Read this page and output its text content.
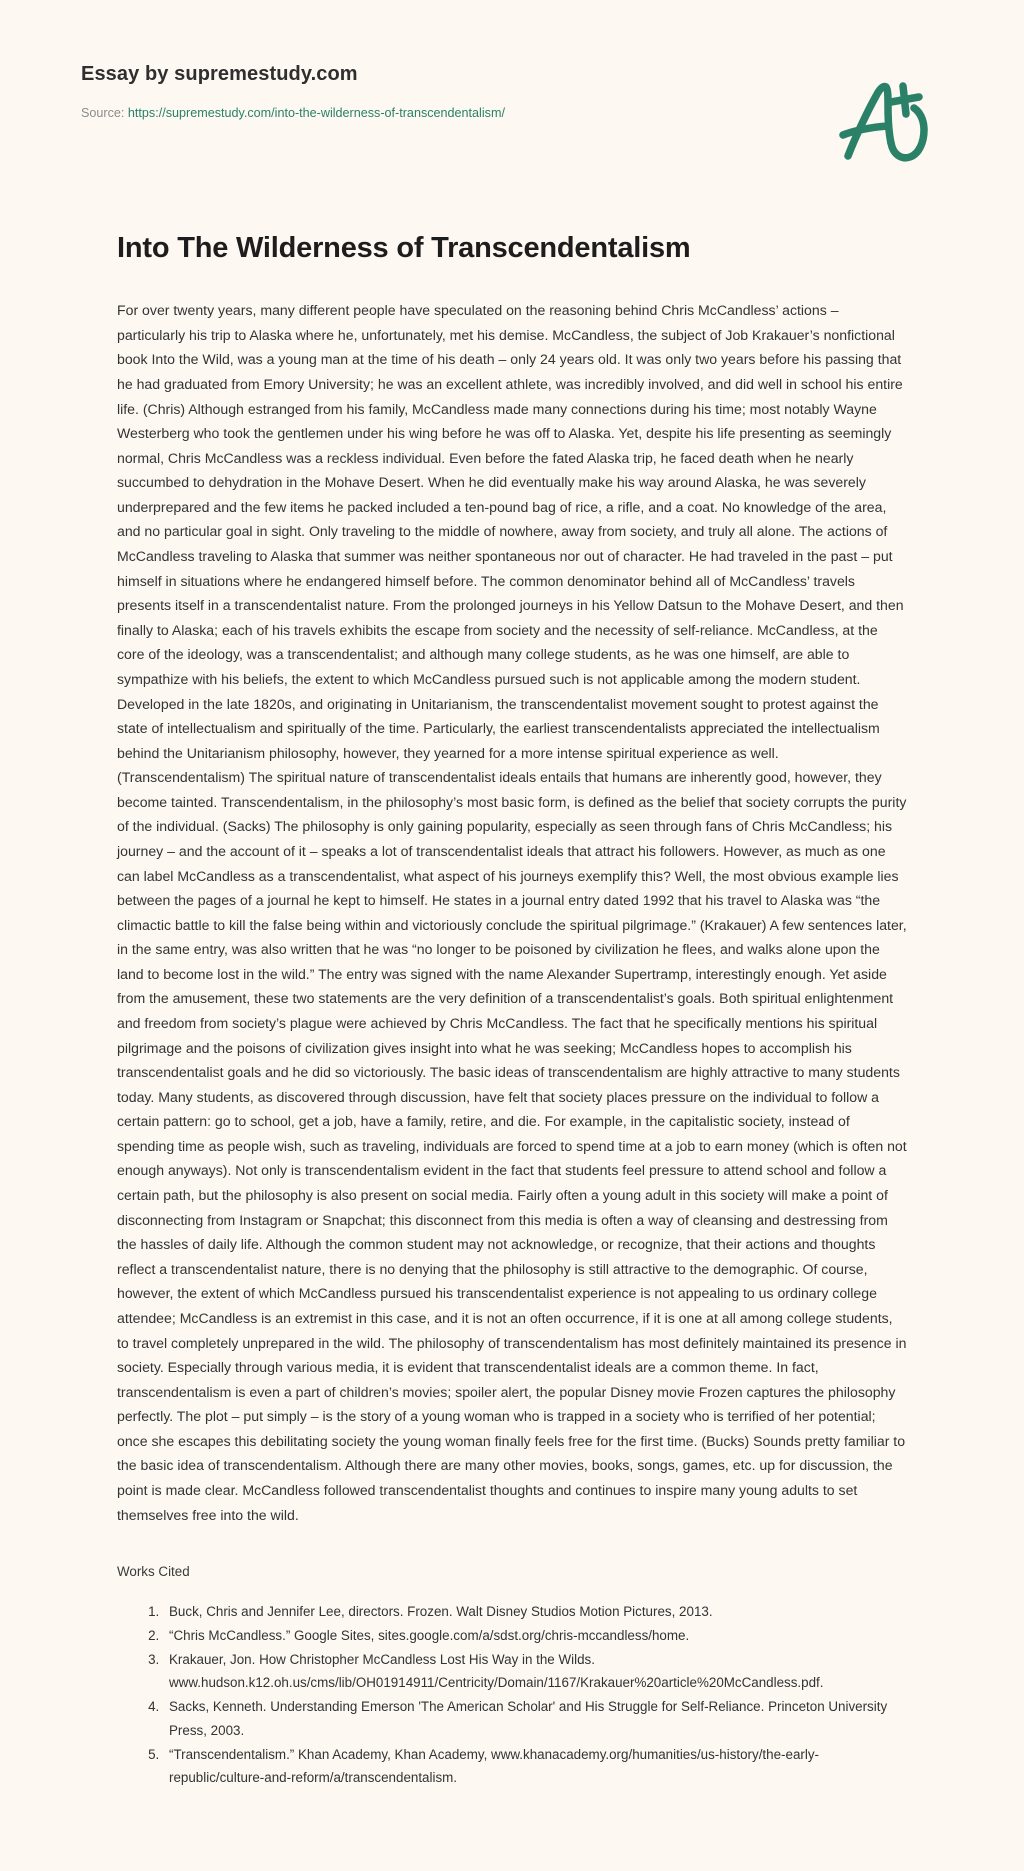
Essay by supremestudy.com
Source: https://supremestudy.com/into-the-wilderness-of-transcendentalism/
Into The Wilderness of Transcendentalism

For over twenty years, many different people have speculated on the reasoning behind Chris McCandless’ actions – particularly his trip to Alaska where he, unfortunately, met his demise. McCandless, the subject of Job Krakauer’s nonfictional book Into the Wild, was a young man at the time of his death – only 24 years old. It was only two years before his passing that he had graduated from Emory University; he was an excellent athlete, was incredibly involved, and did well in school his entire life. (Chris) Although estranged from his family, McCandless made many connections during his time; most notably Wayne Westerberg who took the gentlemen under his wing before he was off to Alaska. Yet, despite his life presenting as seemingly normal, Chris McCandless was a reckless individual. Even before the fated Alaska trip, he faced death when he nearly succumbed to dehydration in the Mohave Desert. When he did eventually make his way around Alaska, he was severely underprepared and the few items he packed included a ten-pound bag of rice, a rifle, and a coat. No knowledge of the area, and no particular goal in sight. Only traveling to the middle of nowhere, away from society, and truly all alone. The actions of McCandless traveling to Alaska that summer was neither spontaneous nor out of character. He had traveled in the past – put himself in situations where he endangered himself before. The common denominator behind all of McCandless’ travels presents itself in a transcendentalist nature. From the prolonged journeys in his Yellow Datsun to the Mohave Desert, and then finally to Alaska; each of his travels exhibits the escape from society and the necessity of self-reliance. McCandless, at the core of the ideology, was a transcendentalist; and although many college students, as he was one himself, are able to sympathize with his beliefs, the extent to which McCandless pursued such is not applicable among the modern student. Developed in the late 1820s, and originating in Unitarianism, the transcendentalist movement sought to protest against the state of intellectualism and spiritually of the time. Particularly, the earliest transcendentalists appreciated the intellectualism behind the Unitarianism philosophy, however, they yearned for a more intense spiritual experience as well. (Transcendentalism) The spiritual nature of transcendentalist ideals entails that humans are inherently good, however, they become tainted. Transcendentalism, in the philosophy’s most basic form, is defined as the belief that society corrupts the purity of the individual. (Sacks) The philosophy is only gaining popularity, especially as seen through fans of Chris McCandless; his journey – and the account of it – speaks a lot of transcendentalist ideals that attract his followers. However, as much as one can label McCandless as a transcendentalist, what aspect of his journeys exemplify this? Well, the most obvious example lies between the pages of a journal he kept to himself. He states in a journal entry dated 1992 that his travel to Alaska was “the climactic battle to kill the false being within and victoriously conclude the spiritual pilgrimage.” (Krakauer) A few sentences later, in the same entry, was also written that he was “no longer to be poisoned by civilization he flees, and walks alone upon the land to become lost in the wild.” The entry was signed with the name Alexander Supertramp, interestingly enough. Yet aside from the amusement, these two statements are the very definition of a transcendentalist’s goals. Both spiritual enlightenment and freedom from society’s plague were achieved by Chris McCandless. The fact that he specifically mentions his spiritual pilgrimage and the poisons of civilization gives insight into what he was seeking; McCandless hopes to accomplish his transcendentalist goals and he did so victoriously. The basic ideas of transcendentalism are highly attractive to many students today. Many students, as discovered through discussion, have felt that society places pressure on the individual to follow a certain pattern: go to school, get a job, have a family, retire, and die. For example, in the capitalistic society, instead of spending time as people wish, such as traveling, individuals are forced to spend time at a job to earn money (which is often not enough anyways). Not only is transcendentalism evident in the fact that students feel pressure to attend school and follow a certain path, but the philosophy is also present on social media. Fairly often a young adult in this society will make a point of disconnecting from Instagram or Snapchat; this disconnect from this media is often a way of cleansing and destressing from the hassles of daily life. Although the common student may not acknowledge, or recognize, that their actions and thoughts reflect a transcendentalist nature, there is no denying that the philosophy is still attractive to the demographic. Of course, however, the extent of which McCandless pursued his transcendentalist experience is not appealing to us ordinary college attendee; McCandless is an extremist in this case, and it is not an often occurrence, if it is one at all among college students, to travel completely unprepared in the wild. The philosophy of transcendentalism has most definitely maintained its presence in society. Especially through various media, it is evident that transcendentalist ideals are a common theme. In fact, transcendentalism is even a part of children’s movies; spoiler alert, the popular Disney movie Frozen captures the philosophy perfectly. The plot – put simply – is the story of a young woman who is trapped in a society who is terrified of her potential; once she escapes this debilitating society the young woman finally feels free for the first time. (Bucks) Sounds pretty familiar to the basic idea of transcendentalism. Although there are many other movies, books, songs, games, etc. up for discussion, the point is made clear. McCandless followed transcendentalist thoughts and continues to inspire many young adults to set themselves free into the wild.

Works Cited
1. Buck, Chris and Jennifer Lee, directors. Frozen. Walt Disney Studios Motion Pictures, 2013.
2. “Chris McCandless.” Google Sites, sites.google.com/a/sdst.org/chris-mccandless/home.
3. Krakauer, Jon. How Christopher McCandless Lost His Way in the Wilds. www.hudson.k12.oh.us/cms/lib/OH01914911/Centricity/Domain/1167/Krakauer%20article%20McCandless.pdf.
4. Sacks, Kenneth. Understanding Emerson 'The American Scholar' and His Struggle for Self-Reliance. Princeton University Press, 2003.
5. “Transcendentalism.” Khan Academy, Khan Academy, www.khanacademy.org/humanities/us-history/the-early-republic/culture-and-reform/a/transcendentalism.
